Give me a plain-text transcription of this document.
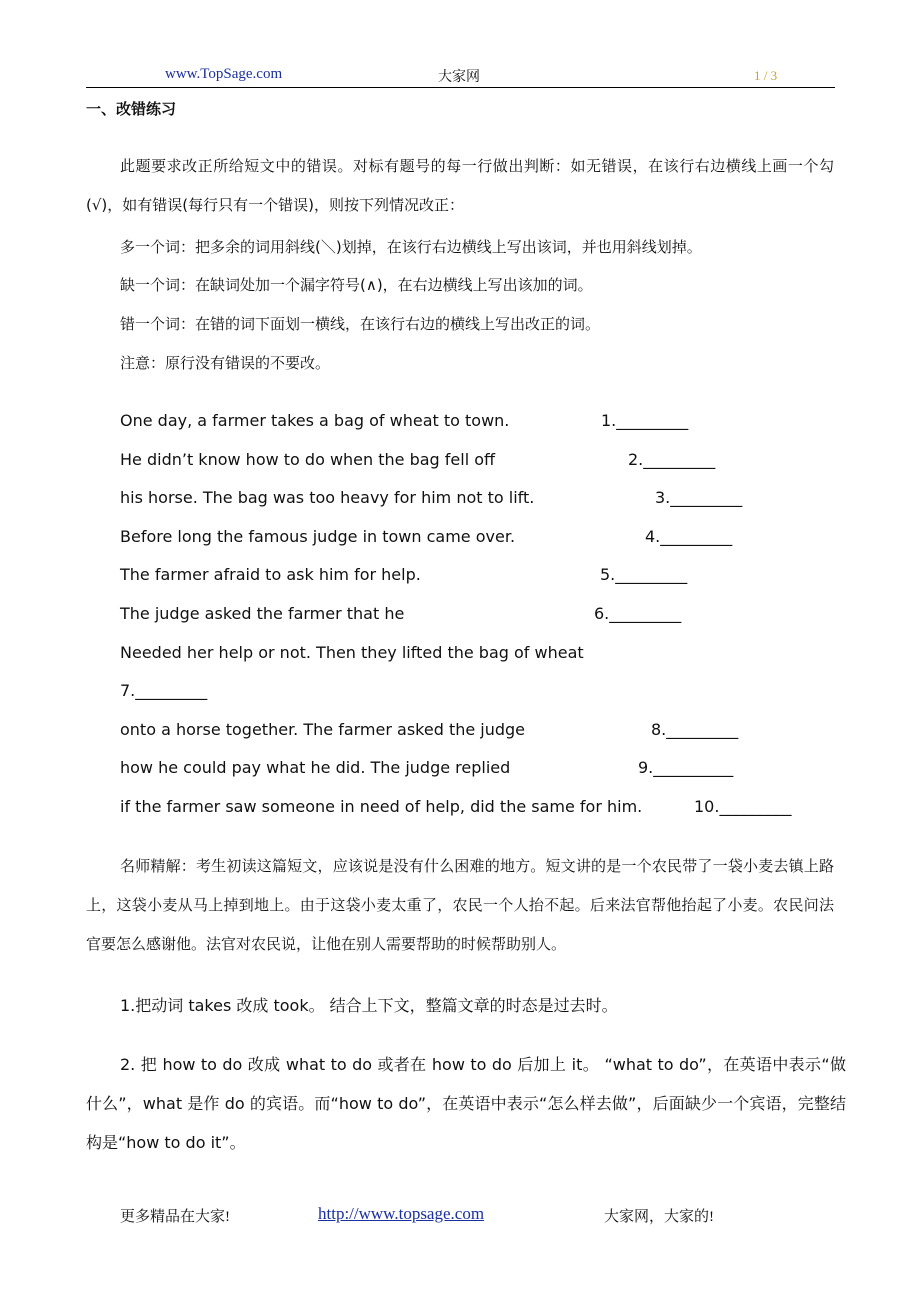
www.TopSage.com	大家网	1 / 3
一、改错练习
此题要求改正所给短文中的错误。对标有题号的每一行做出判断：如无错误，在该行右边横线上画一个勾(√)，如有错误(每行只有一个错误)，则按下列情况改正：
多一个词：把多余的词用斜线(＼)划掉，在该行右边横线上写出该词，并也用斜线划掉。
缺一个词：在缺词处加一个漏字符号(∧)，在右边横线上写出该加的词。
错一个词：在错的词下面划一横线，在该行右边的横线上写出改正的词。
注意：原行没有错误的不要改。
One day, a farmer takes a bag of wheat to town.	1._________
He didn’t know how to do when the bag fell off	2._________
his horse. The bag was too heavy for him not to lift.	3._________
Before long the famous judge in town came over.	4._________
The farmer afraid to ask him for help.	5._________
The judge asked the farmer that he	6._________
Needed her help or not. Then they lifted the bag of wheat
7._________
onto a horse together. The farmer asked the judge	8._________
how he could pay what he did. The judge replied	9.__________
if the farmer saw someone in need of help, did the same for him.	10._________
名师精解：考生初读这篇短文，应该说是没有什么困难的地方。短文讲的是一个农民带了一袋小麦去镇上路上，这袋小麦从马上掉到地上。由于这袋小麦太重了，农民一个人抬不起。后来法官帮他抬起了小麦。农民问法官要怎么感谢他。法官对农民说，让他在别人需要帮助的时候帮助别人。
1.把动词 takes 改成 took。 结合上下文，整篇文章的时态是过去时。
2. 把 how to do 改成 what to do 或者在 how to do 后加上 it。 “what to do”，在英语中表示“做什么”，what 是作 do 的宾语。而“how to do”，在英语中表示“怎么样去做”，后面缺少一个宾语，完整结构是“how to do it”。
更多精品在大家!	http://www.topsage.com	大家网，大家的!
